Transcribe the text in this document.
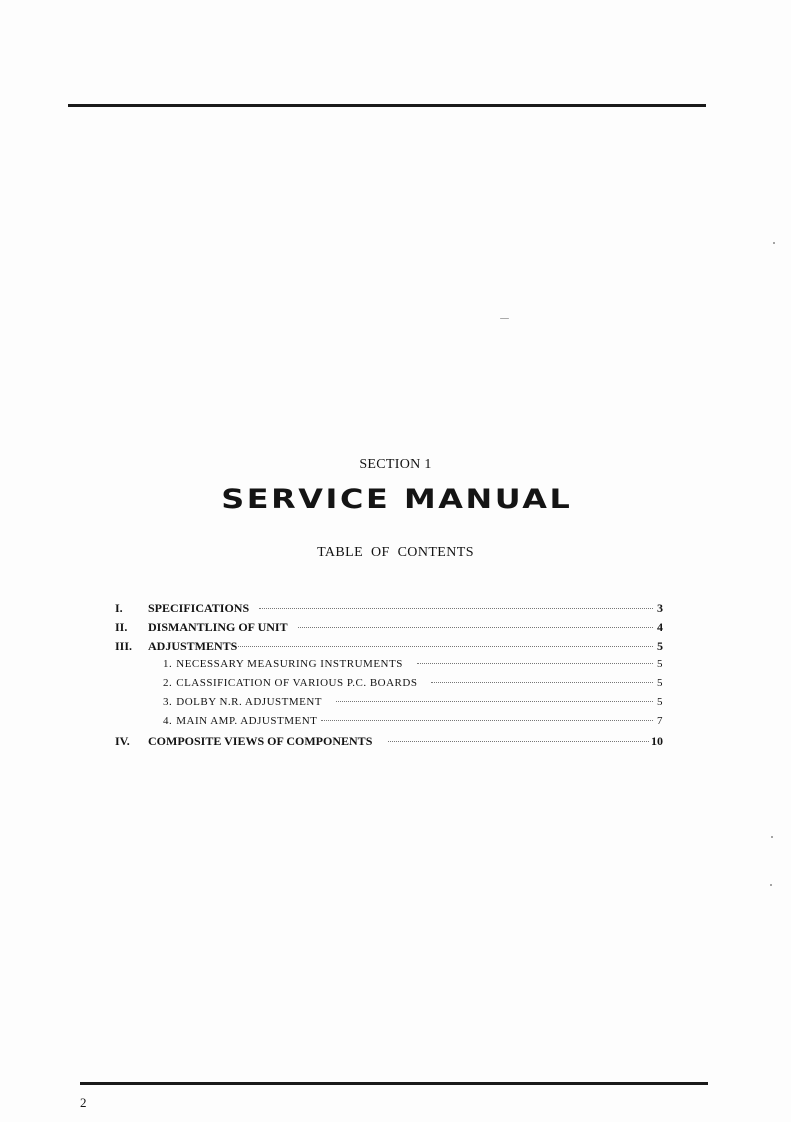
SECTION 1
SERVICE MANUAL
TABLE OF CONTENTS
I.	SPECIFICATIONS	3
II.	DISMANTLING OF UNIT	4
III.	ADJUSTMENTS	5
1. NECESSARY MEASURING INSTRUMENTS	5
2. CLASSIFICATION OF VARIOUS P.C. BOARDS	5
3. DOLBY N.R. ADJUSTMENT	5
4. MAIN AMP. ADJUSTMENT	7
IV.	COMPOSITE VIEWS OF COMPONENTS	10
2
